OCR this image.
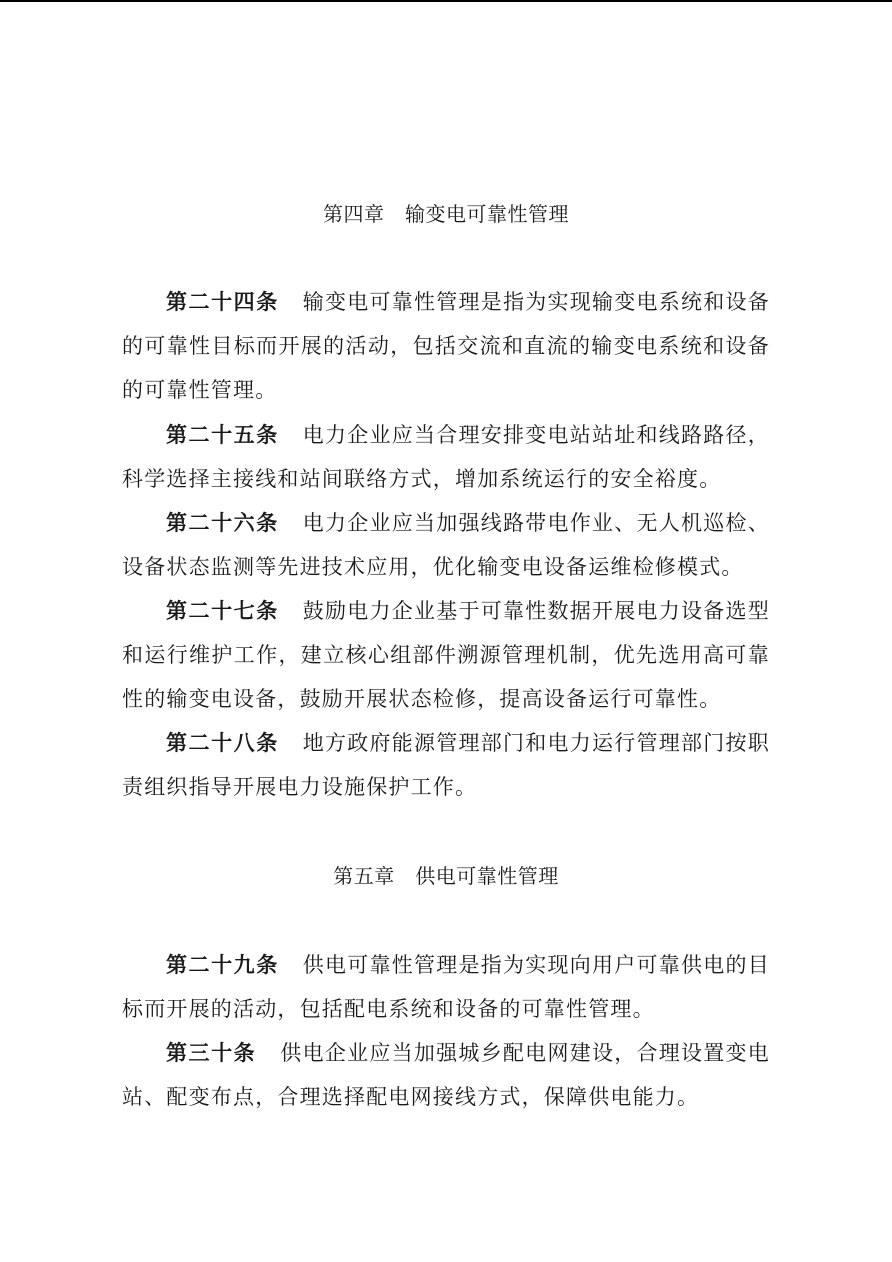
第四章　输变电可靠性管理

第二十四条 输变电可靠性管理是指为实现输变电系统和设备的可靠性目标而开展的活动，包括交流和直流的输变电系统和设备的可靠性管理。

第二十五条 电力企业应当合理安排变电站站址和线路路径，科学选择主接线和站间联络方式，增加系统运行的安全裕度。

第二十六条 电力企业应当加强线路带电作业、无人机巡检、设备状态监测等先进技术应用，优化输变电设备运维检修模式。

第二十七条 鼓励电力企业基于可靠性数据开展电力设备选型和运行维护工作，建立核心组部件溯源管理机制，优先选用高可靠性的输变电设备，鼓励开展状态检修，提高设备运行可靠性。

第二十八条 地方政府能源管理部门和电力运行管理部门按职责组织指导开展电力设施保护工作。

第五章　供电可靠性管理

第二十九条 供电可靠性管理是指为实现向用户可靠供电的目标而开展的活动，包括配电系统和设备的可靠性管理。

第三十条 供电企业应当加强城乡配电网建设，合理设置变电站、配变布点，合理选择配电网接线方式，保障供电能力。
